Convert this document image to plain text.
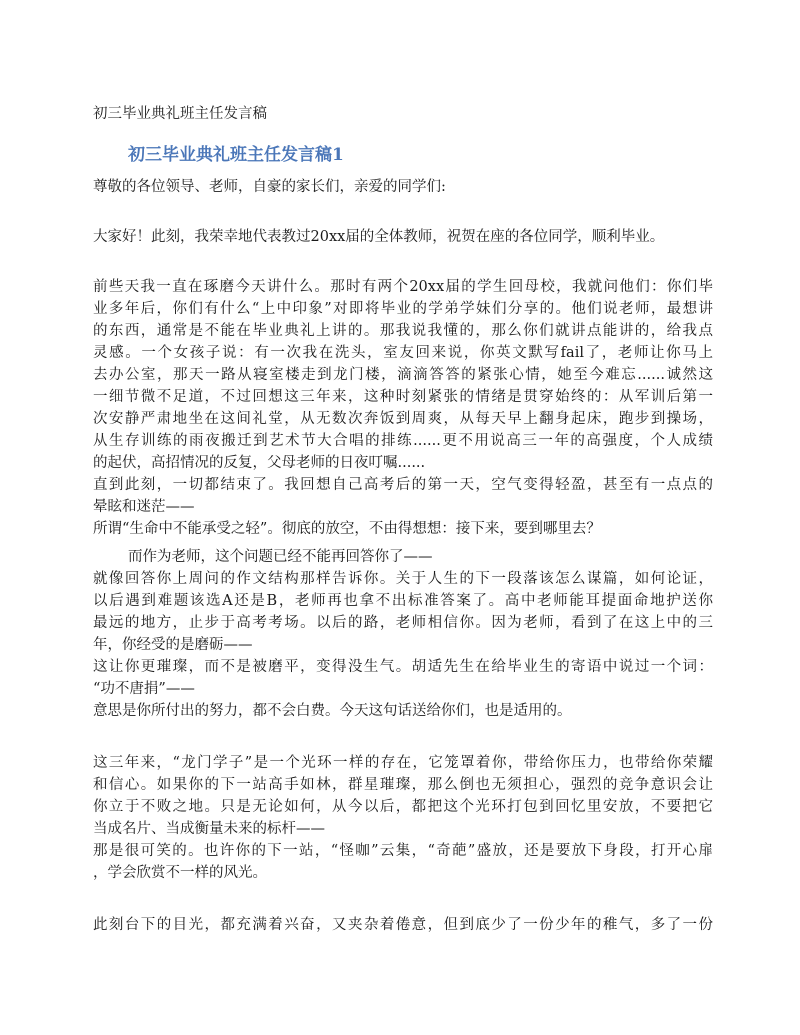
初三毕业典礼班主任发言稿
初三毕业典礼班主任发言稿1
尊敬的各位领导、老师，自豪的家长们，亲爱的同学们:
大家好！此刻，我荣幸地代表教过20xx届的全体教师，祝贺在座的各位同学，顺利毕业。
前些天我一直在琢磨今天讲什么。那时有两个20xx届的学生回母校，我就问他们：你们毕
业多年后，你们有什么“上中印象”对即将毕业的学弟学妹们分享的。他们说老师，最想讲
的东西，通常是不能在毕业典礼上讲的。那我说我懂的，那么你们就讲点能讲的，给我点
灵感。一个女孩子说：有一次我在洗头，室友回来说，你英文默写fail了，老师让你马上
去办公室，那天一路从寝室楼走到龙门楼，滴滴答答的紧张心情，她至今难忘......诚然这
一细节微不足道，不过回想这三年来，这种时刻紧张的情绪是贯穿始终的：从军训后第一
次安静严肃地坐在这间礼堂，从无数次奔饭到周爽，从每天早上翻身起床，跑步到操场，
从生存训练的雨夜搬迁到艺术节大合唱的排练......更不用说高三一年的高强度，个人成绩
的起伏，高招情况的反复，父母老师的日夜叮嘱......
直到此刻，一切都结束了。我回想自己高考后的第一天，空气变得轻盈，甚至有一点点的
晕眩和迷茫——
所谓“生命中不能承受之轻”。彻底的放空，不由得想想：接下来，要到哪里去？
而作为老师，这个问题已经不能再回答你了——
就像回答你上周问的作文结构那样告诉你。关于人生的下一段落该怎么谋篇，如何论证，
以后遇到难题该选A还是B，老师再也拿不出标准答案了。高中老师能耳提面命地护送你
最远的地方，止步于高考考场。以后的路，老师相信你。因为老师，看到了在这上中的三
年，你经受的是磨砺——
这让你更璀璨，而不是被磨平，变得没生气。胡适先生在给毕业生的寄语中说过一个词：
“功不唐捐”——
意思是你所付出的努力，都不会白费。今天这句话送给你们，也是适用的。
这三年来，“龙门学子”是一个光环一样的存在，它笼罩着你，带给你压力，也带给你荣耀
和信心。如果你的下一站高手如林，群星璀璨，那么倒也无须担心，强烈的竞争意识会让
你立于不败之地。只是无论如何，从今以后，都把这个光环打包到回忆里安放，不要把它
当成名片、当成衡量未来的标杆——
那是很可笑的。也许你的下一站，“怪咖”云集，“奇葩”盛放，还是要放下身段，打开心扉
，学会欣赏不一样的风光。
此刻台下的目光，都充满着兴奋，又夹杂着倦意，但到底少了一份少年的稚气，多了一份
